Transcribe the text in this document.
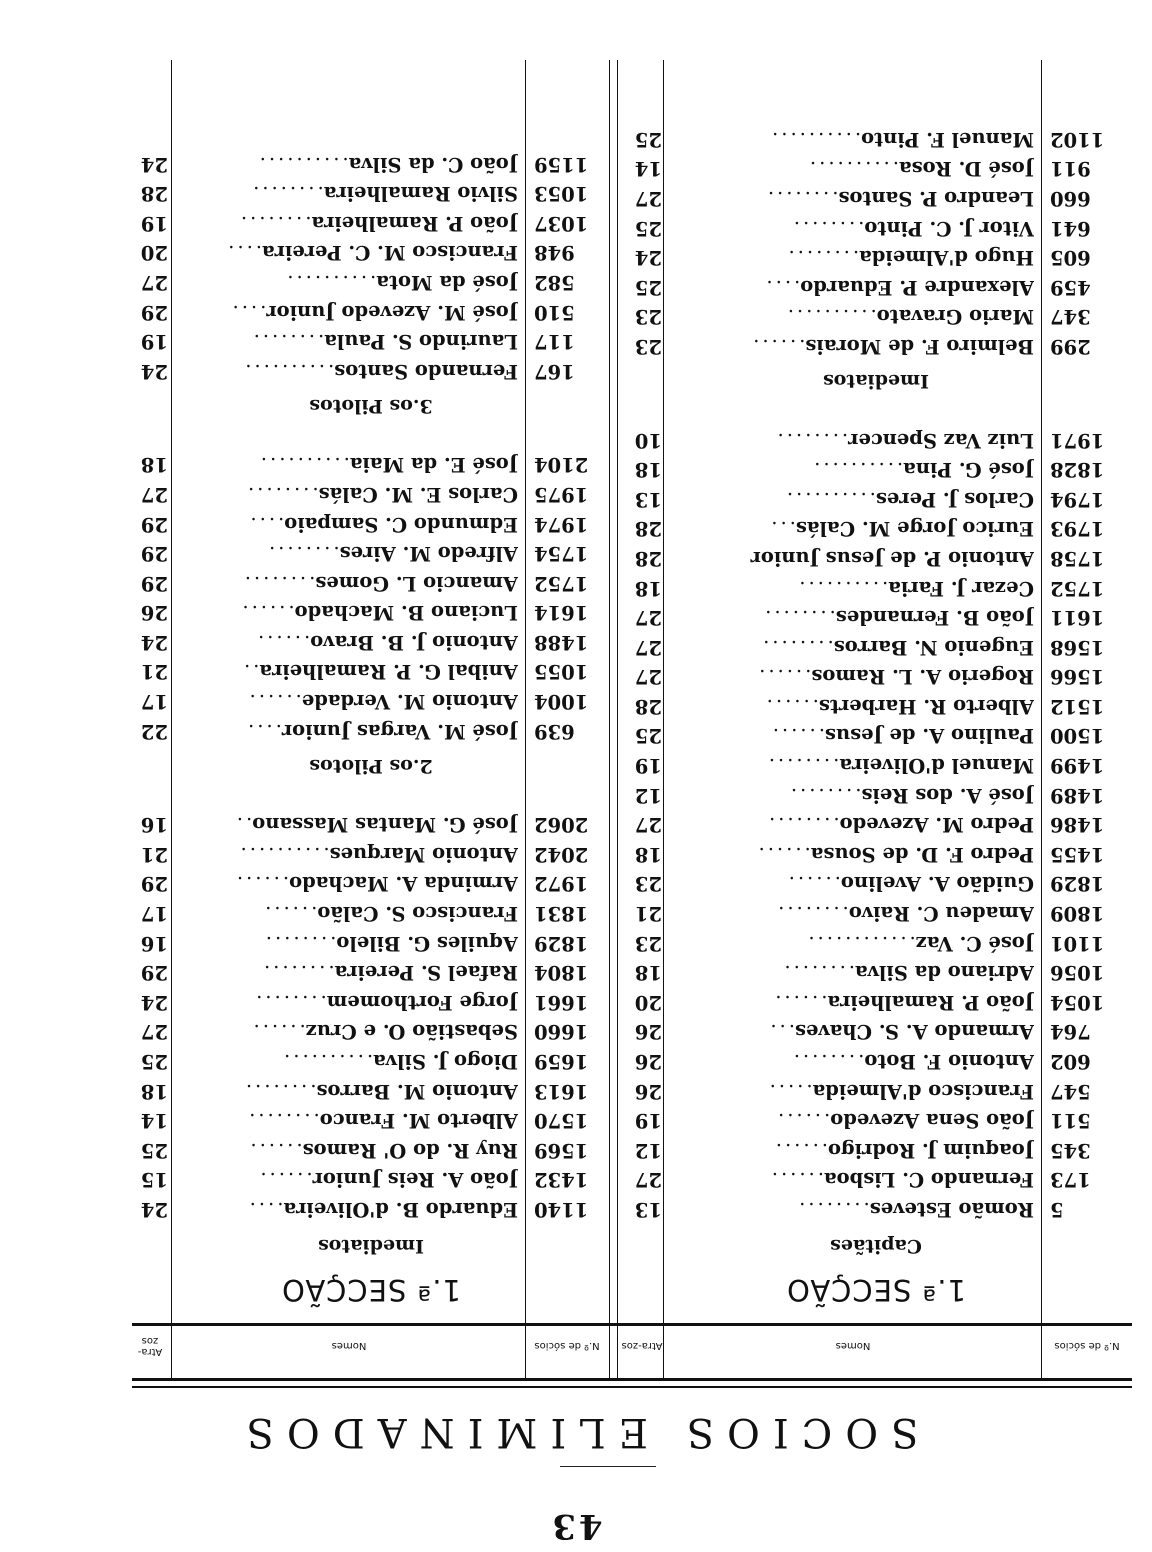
43
SOCIOS ELIMINADOS
N.º de sócios
Nomes
Atra-zos
N.º de sócios
Nomes
Atra-zos
1.ª SECÇÃO
Capitães
5
Romão Esteves........
13
173
Fernando C. Lisboa......
27
345
Joaquim J. Rodrigo......
12
511
João Sena Azevedo......
19
547
Francisco d'Almeida.....
26
602
Antonio F. Boto........
26
764
Armando A. S. Chaves...
26
1054
João P. Ramalheira......
20
1056
Adriano da Silva........
18
1101
José C. Vaz............
23
1809
Amadeu C. Raivo........
21
1829
Guidão A. Avelino......
23
1455
Pedro F. D. de Sousa......
18
1486
Pedro M. Azevedo........
27
1489
José A. dos Reis........
12
1499
Manuel d'Oliveira........
19
1500
Paulino A. de Jesus......
25
1512
Alberto R. Harberts......
28
1566
Rogerio A. L. Ramos......
27
1568
Eugenio N. Barros........
27
1611
João B. Fernandes........
27
1752
Cezar J. Faria..........
18
1758
Antonio P. de Jesus Junior
28
1793
Eurico Jorge M. Calás...
28
1794
Carlos J. Peres..........
13
1828
José G. Pina..........
18
1971
Luiz Vaz Spencer........
10
Imediatos
299
Belmiro F. de Morais......
23
347
Mario Gravato..........
23
459
Alexandre P. Eduardo....
25
605
Hugo d'Almeida........
24
641
Vitor J. C. Pinto........
25
660
Leandro P. Santos........
27
911
José D. Rosa..........
14
1102
Manuel F. Pinto..........
25
1.ª SECÇÃO
Imediatos
1140
Eduardo B. d'Oliveira....
24
1432
João A. Reis Junior......
15
1569
Ruy R. do O' Ramos......
25
1570
Alberto M. Franco........
14
1613
Antonio M. Barros........
18
1659
Diogo J. Silva..........
25
1660
Sebastião O. e Cruz......
27
1661
Jorge Forthomem........
24
1804
Rafael S. Pereira........
29
1829
Aquiles G. Bilelo........
16
1831
Francisco S. Calão......
17
1972
Arminda A. Machado......
29
2042
Antonio Marques..........
21
2062
José G. Mantas Massano..
16
2.os Pilotos
639
José M. Vargas Junior....
22
1004
Antonio M. Verdade......
17
1055
Anibal G. P. Ramalheira..
21
1488
Antonio J. B. Bravo......
24
1614
Luciano B. Machado......
26
1752
Amancio L. Gomes........
29
1754
Alfredo M. Aires........
29
1974
Edmundo C. Sampaio....
29
1975
Carlos E. M. Calás........
27
2104
José E. da Maia..........
18
3.os Pilotos
167
Fernando Santos..........
24
117
Laurindo S. Paula........
19
510
José M. Azevedo Junior....
29
582
José da Mota..........
27
948
Francisco M. C. Pereira....
20
1037
João P. Ramalheira........
19
1053
Silvio Ramalheira........
28
1159
João C. da Silva..........
24
